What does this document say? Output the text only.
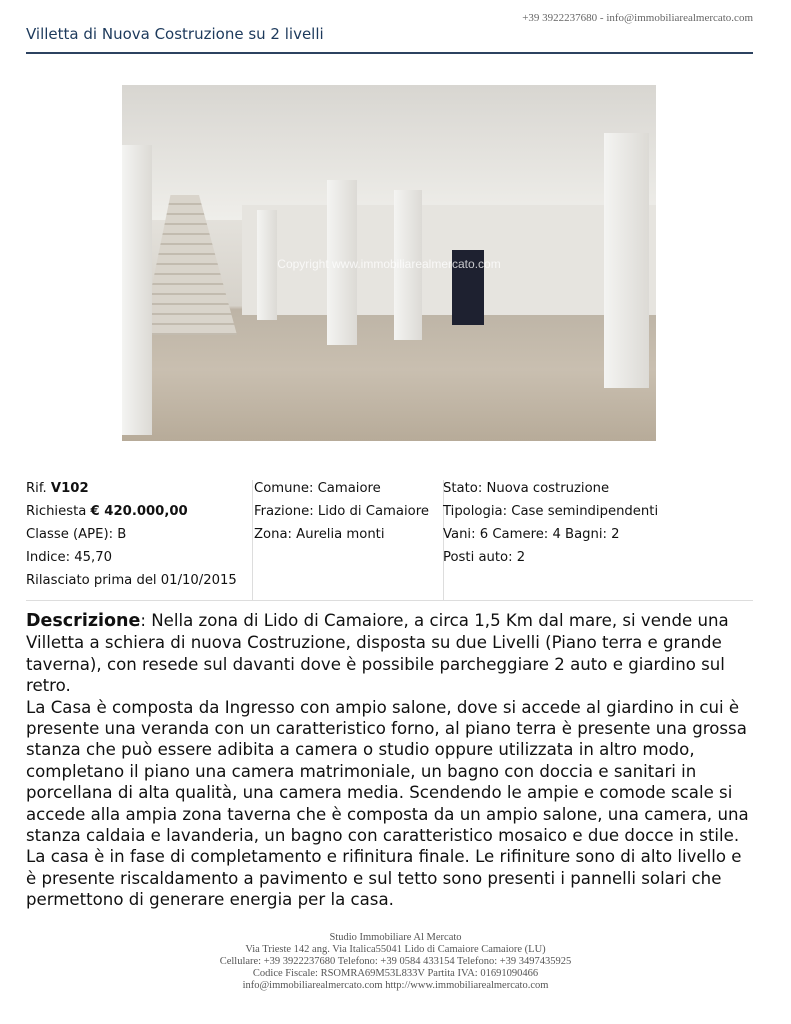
+39 3922237680 - info@immobiliarealmercato.com
Villetta di Nuova Costruzione su 2 livelli
Copyright www.immobiliarealmercato.com
Rif. V102
Richiesta € 420.000,00
Classe (APE): B
Indice: 45,70
Rilasciato prima del 01/10/2015
Comune: Camaiore
Frazione: Lido di Camaiore
Zona: Aurelia monti
Stato: Nuova costruzione
Tipologia: Case semindipendenti
Vani: 6 Camere: 4 Bagni: 2
Posti auto: 2

Descrizione: Nella zona di Lido di Camaiore, a circa 1,5 Km dal mare, si vende una Villetta a schiera di nuova Costruzione, disposta su due Livelli (Piano terra e grande taverna), con resede sul davanti dove è possibile parcheggiare 2 auto e giardino sul retro.

La Casa è composta da Ingresso con ampio salone, dove si accede al giardino in cui è presente una veranda con un caratteristico forno, al piano terra è presente una grossa stanza che può essere adibita a camera o studio oppure utilizzata in altro modo, completano il piano una camera matrimoniale, un bagno con doccia e sanitari in porcellana di alta qualità, una camera media. Scendendo le ampie e comode scale si accede alla ampia zona taverna che è composta da un ampio salone, una camera, una stanza caldaia e lavanderia, un bagno con caratteristico mosaico e due docce in stile. La casa è in fase di completamento e rifinitura finale. Le rifiniture sono di alto livello e è presente riscaldamento a pavimento e sul tetto sono presenti i pannelli solari che permettono di generare energia per la casa.

Studio Immobiliare Al Mercato
Via Trieste 142 ang. Via Italica55041 Lido di Camaiore Camaiore (LU)
Cellulare: +39 3922237680 Telefono: +39 0584 433154 Telefono: +39 3497435925
Codice Fiscale: RSOMRA69M53L833V Partita IVA: 01691090466
info@immobiliarealmercato.com http://www.immobiliarealmercato.com
